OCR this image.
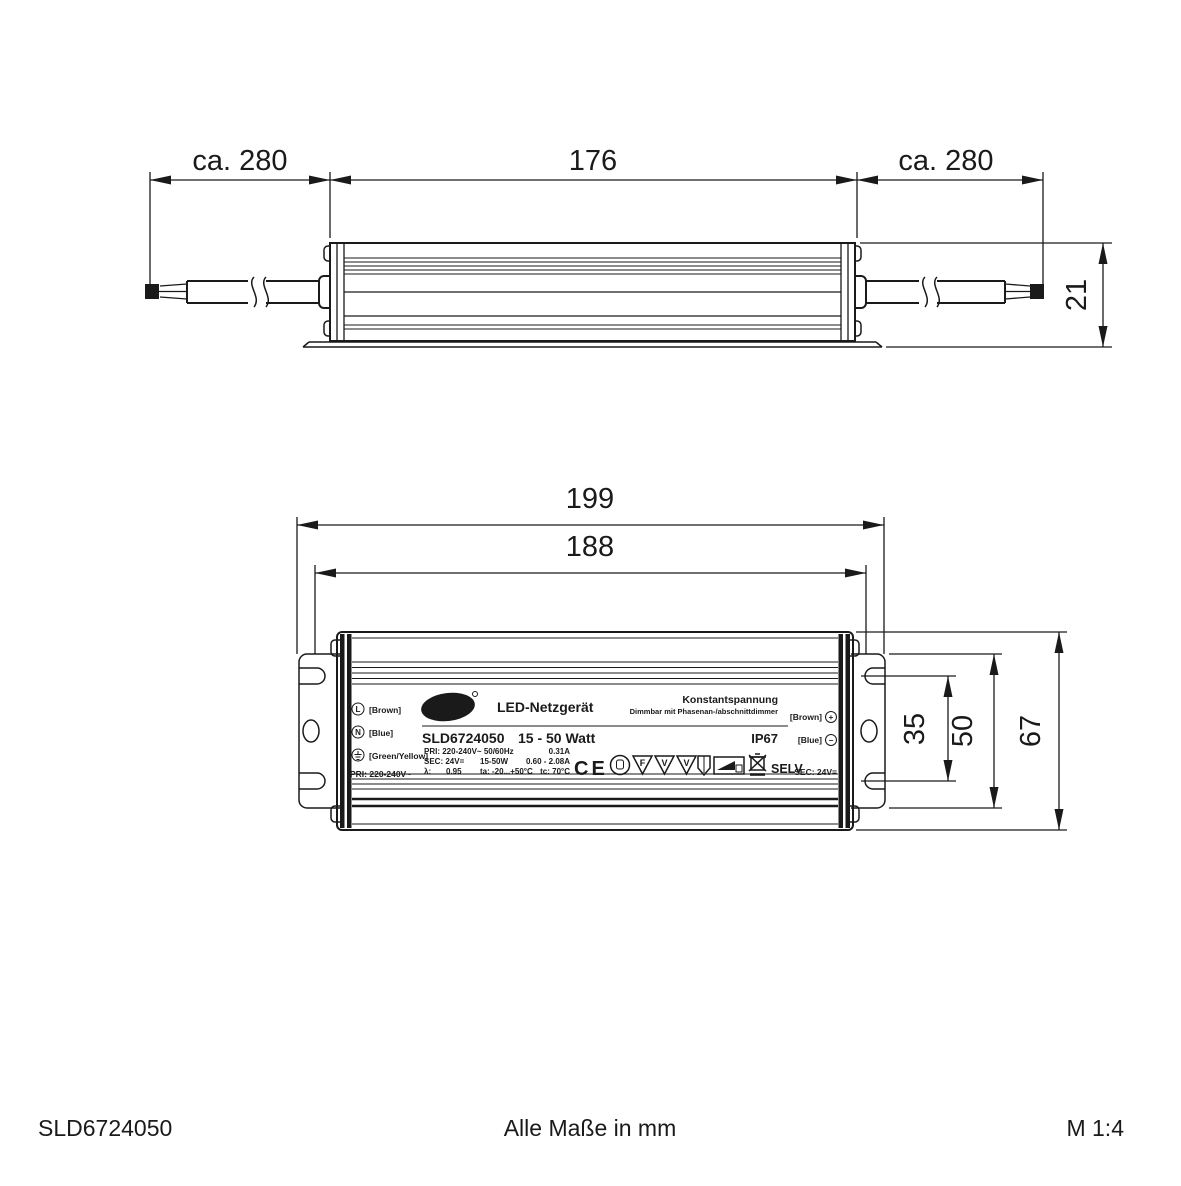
ca. 280	176	ca. 280
21
199
188
L [Brown]
N [Blue]
[Green/Yellow]
PRI: 220-240V~
EVN LED-Netzgerät	Konstantspannung
Dimmbar mit Phasenan-/abschnittdimmer
SLD6724050 15 - 50 Watt	IP67
PRI: 220-240V~ 50/60Hz	0.31A
SEC: 24V= 15-50W 0.60 - 2.08A
λ: 0.95 ta: -20...+50°C tc: 70°C CE	F V V	SELV
[Brown] +
[Blue] −
SEC: 24V=
35 50 67
SLD6724050	Alle Maße in mm	M 1:4
